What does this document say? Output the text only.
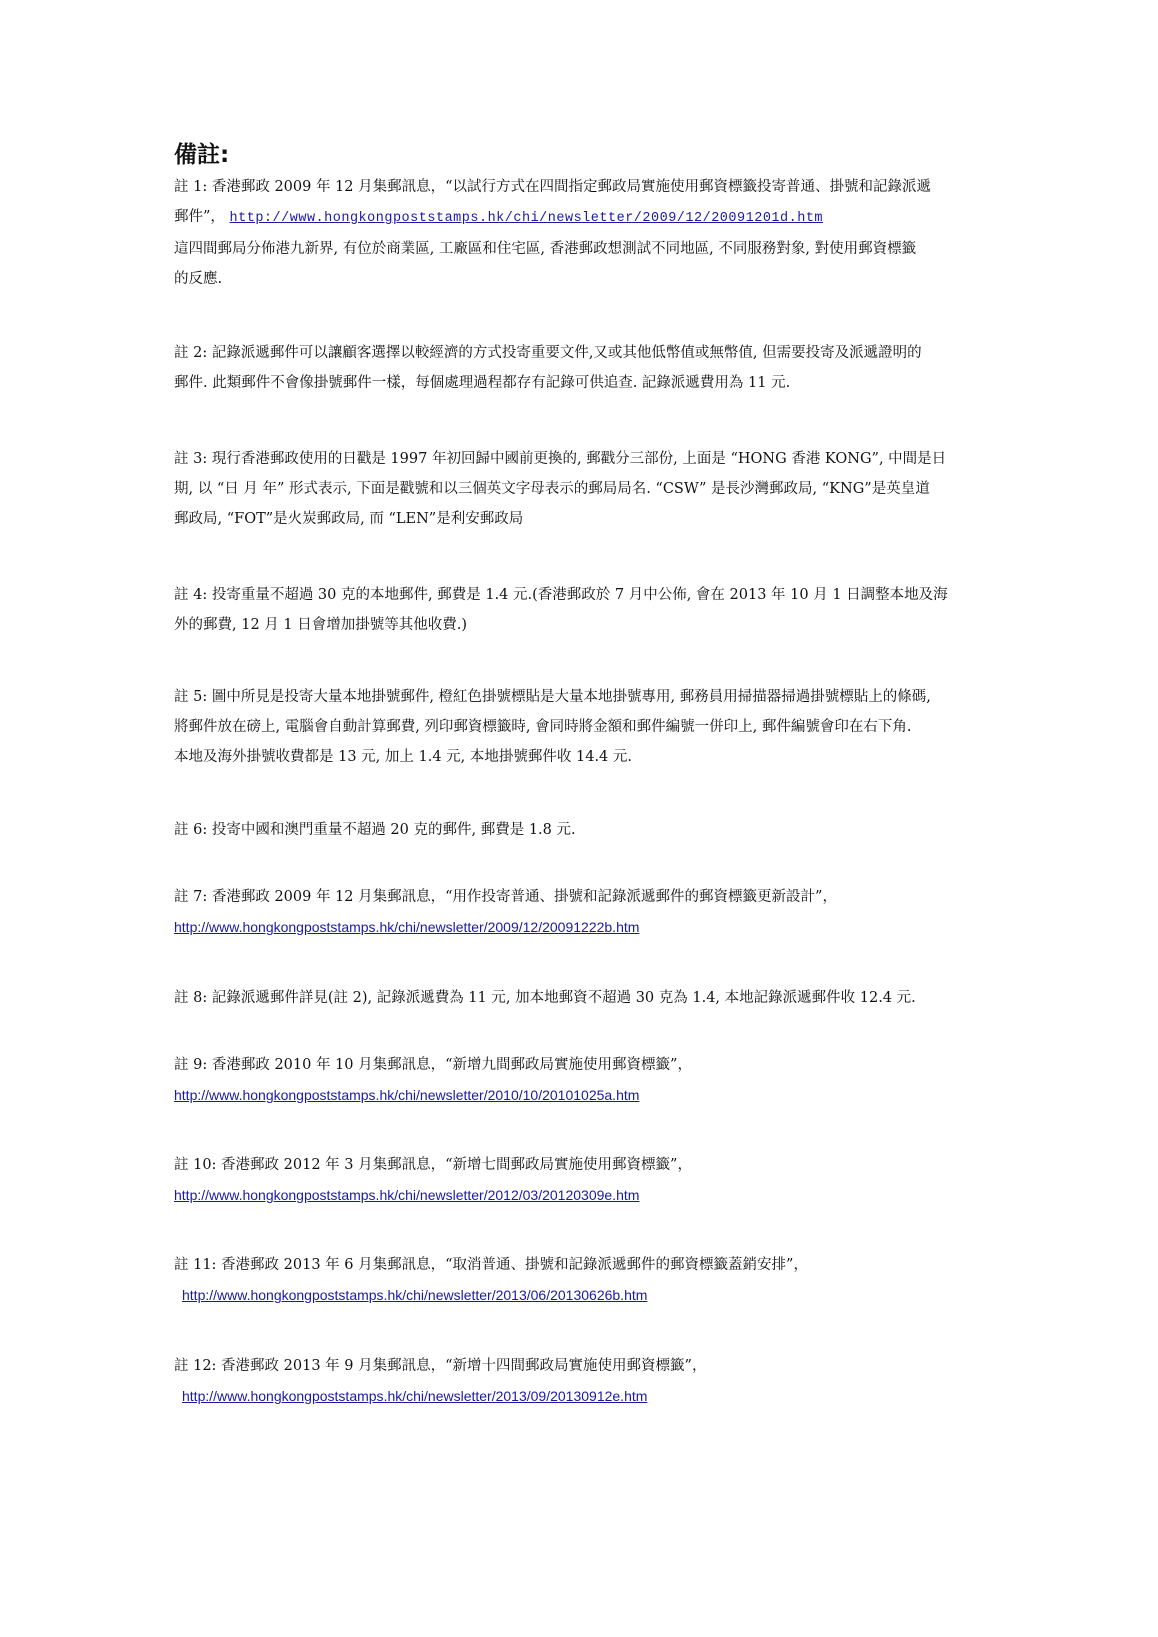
備註:
註 1: 香港郵政 2009 年 12 月集郵訊息，“以試行方式在四間指定郵政局實施使用郵資標籤投寄普通、掛號和記錄派遞
郵件”， http://www.hongkongpoststamps.hk/chi/newsletter/2009/12/20091201d.htm
這四間郵局分佈港九新界, 有位於商業區, 工廠區和住宅區, 香港郵政想測試不同地區, 不同服務對象, 對使用郵資標籤
的反應.
註 2: 記錄派遞郵件可以讓顧客選擇以較經濟的方式投寄重要文件,又或其他低幣值或無幣值, 但需要投寄及派遞證明的
郵件. 此類郵件不會像掛號郵件一樣，每個處理過程都存有記錄可供追查. 記錄派遞費用為 11 元.
註 3: 現行香港郵政使用的日戳是 1997 年初回歸中國前更換的, 郵戳分三部份, 上面是 “HONG 香港 KONG”, 中間是日
期, 以 “日 月 年” 形式表示, 下面是戳號和以三個英文字母表示的郵局局名. “CSW” 是長沙灣郵政局, “KNG”是英皇道
郵政局, “FOT”是火炭郵政局, 而 “LEN”是利安郵政局
註 4: 投寄重量不超過 30 克的本地郵件, 郵費是 1.4 元.(香港郵政於 7 月中公佈, 會在 2013 年 10 月 1 日調整本地及海
外的郵費, 12 月 1 日會增加掛號等其他收費.)
註 5: 圖中所見是投寄大量本地掛號郵件, 橙紅色掛號標貼是大量本地掛號專用, 郵務員用掃描器掃過掛號標貼上的條碼,
將郵件放在磅上, 電腦會自動計算郵費, 列印郵資標籤時, 會同時將金額和郵件編號一併印上, 郵件編號會印在右下角.
本地及海外掛號收費都是 13 元, 加上 1.4 元, 本地掛號郵件收 14.4 元.
註 6: 投寄中國和澳門重量不超過 20 克的郵件, 郵費是 1.8 元.
註 7: 香港郵政 2009 年 12 月集郵訊息，“用作投寄普通、掛號和記錄派遞郵件的郵資標籤更新設計”，
http://www.hongkongpoststamps.hk/chi/newsletter/2009/12/20091222b.htm
註 8: 記錄派遞郵件詳見(註 2), 記錄派遞費為 11 元, 加本地郵資不超過 30 克為 1.4, 本地記錄派遞郵件收 12.4 元.
註 9: 香港郵政 2010 年 10 月集郵訊息，“新增九間郵政局實施使用郵資標籤”，
http://www.hongkongpoststamps.hk/chi/newsletter/2010/10/20101025a.htm
註 10: 香港郵政 2012 年 3 月集郵訊息，“新增七間郵政局實施使用郵資標籤”，
http://www.hongkongpoststamps.hk/chi/newsletter/2012/03/20120309e.htm
註 11: 香港郵政 2013 年 6 月集郵訊息，“取消普通、掛號和記錄派遞郵件的郵資標籤蓋銷安排”，
http://www.hongkongpoststamps.hk/chi/newsletter/2013/06/20130626b.htm
註 12: 香港郵政 2013 年 9 月集郵訊息，“新增十四間郵政局實施使用郵資標籤”，
http://www.hongkongpoststamps.hk/chi/newsletter/2013/09/20130912e.htm
